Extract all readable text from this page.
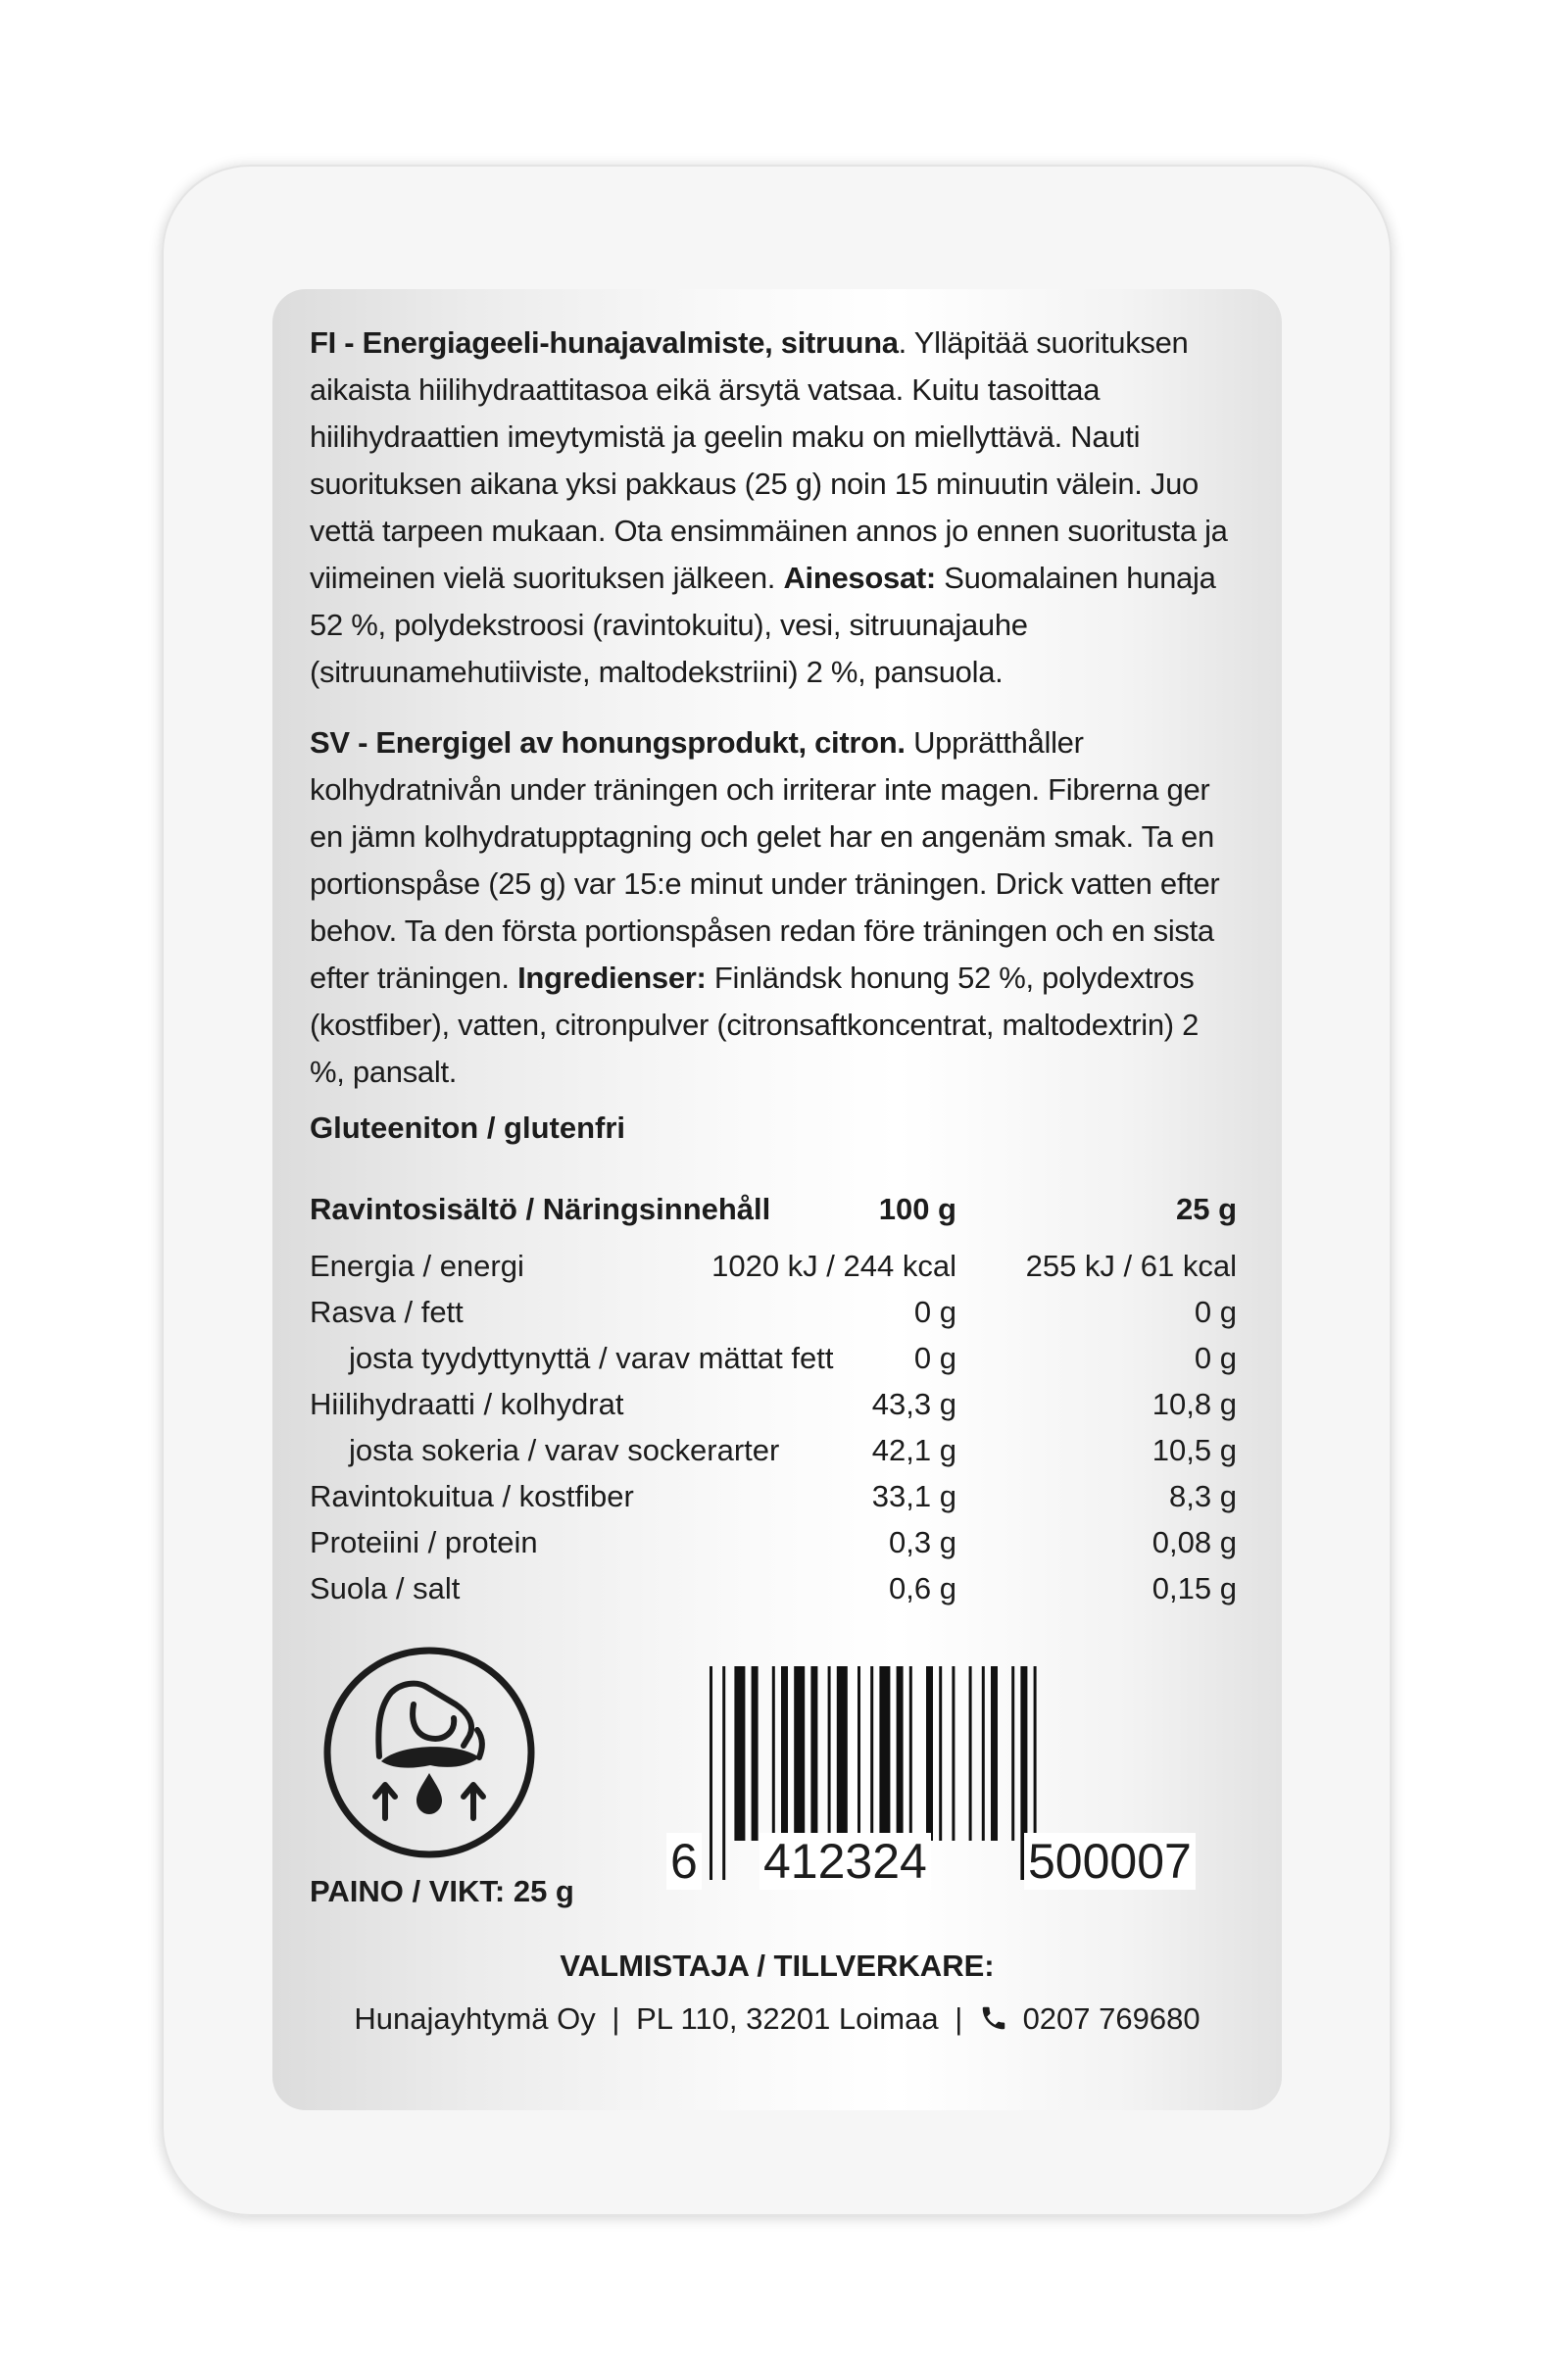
FI - Energiageeli-hunajavalmiste, sitruuna. Ylläpitää suorituksen aikaista hiilihydraattitasoa eikä ärsytä vatsaa. Kuitu tasoittaa hiilihydraattien imeytymistä ja geelin maku on miellyttävä. Nauti suorituksen aikana yksi pakkaus (25 g) noin 15 minuutin välein. Juo vettä tarpeen mukaan. Ota ensimmäinen annos jo ennen suoritusta ja viimeinen vielä suorituksen jälkeen. Ainesosat: Suomalainen hunaja 52 %, polydekstroosi (ravintokuitu), vesi, sitruunajauhe (sitruunamehutiiviste, maltodekstriini) 2 %, pansuola.
SV - Energigel av honungsprodukt, citron. Upprätthåller kolhydratnivån under träningen och irriterar inte magen. Fibrerna ger en jämn kolhydratupptagning och gelet har en angenäm smak. Ta en portionspåse (25 g) var 15:e minut under träningen. Drick vatten efter behov. Ta den första portionspåsen redan före träningen och en sista efter träningen. Ingredienser: Finländsk honung 52 %, polydextros (kostfiber), vatten, citronpulver (citronsaftkoncentrat, maltodextrin) 2 %, pansalt.
Gluteeniton / glutenfri
Ravintosisältö / Näringsinnehåll	100 g	25 g
Energia / energi	1020 kJ / 244 kcal 255 kJ / 61 kcal
Rasva / fett	0 g	0 g
josta tyydyttynyttä / varav mättat fett	0 g	0 g
Hiilihydraatti / kolhydrat	43,3 g	10,8 g
josta sokeria / varav sockerarter	42,1 g	10,5 g
Ravintokuitua / kostfiber	33,1 g	8,3 g
Proteiini / protein	0,3 g	0,08 g
Suola / salt	0,6 g	0,15 g
6 412324 500007
PAINO / VIKT: 25 g
VALMISTAJA / TILLVERKARE:
Hunajayhtymä Oy | PL 110, 32201 Loimaa | 0207 769680
